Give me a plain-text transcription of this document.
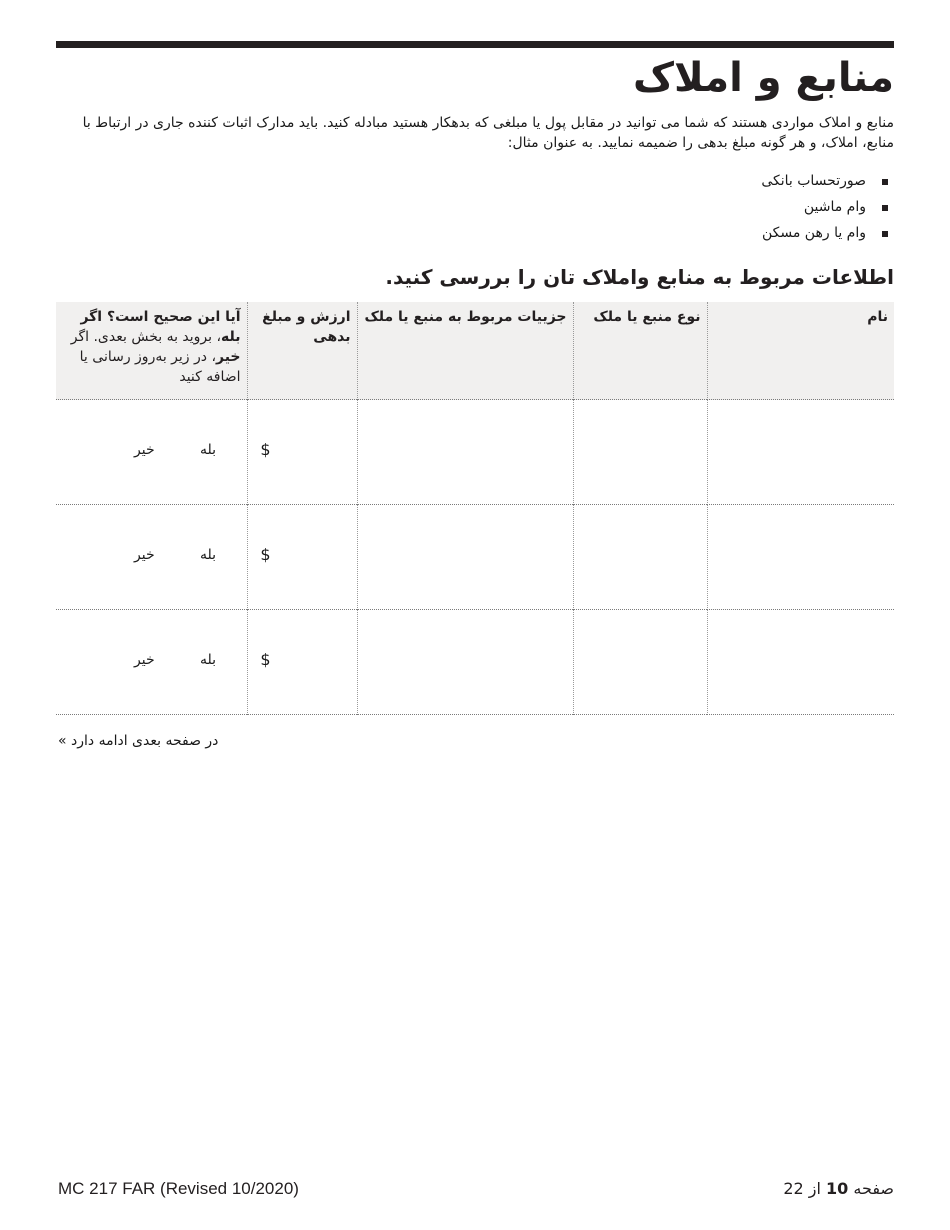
منابع و املاک

منابع و املاک مواردی هستند که شما می توانید در مقابل پول یا مبلغی که بدهکار هستید مبادله کنید. باید مدارک اثبات کننده جاری در ارتباط با منابع، املاک، و هر گونه مبلغ بدهی را ضمیمه نمایید. به عنوان مثال:

صورتحساب بانکی
وام ماشین
وام یا رهن مسکن
اطلاعات مربوط به منابع واملاک تان را بررسی کنید.
نام	نوع منبع یا ملک	جزییات مربوط به منبع یا ملک	ارزش و مبلغ بدهی	آیا این صحیح است؟ اگر بله، بروید به بخش بعدی. اگر خیر، در زیر به‌روز رسانی یا اضافه کنید

			$	بله
خیر

			$	بله
خیر

			$	بله
خیر

در صفحه بعدی ادامه دارد »

MC 217 FAR (Revised 10/2020)	صفحه 10 از 22
